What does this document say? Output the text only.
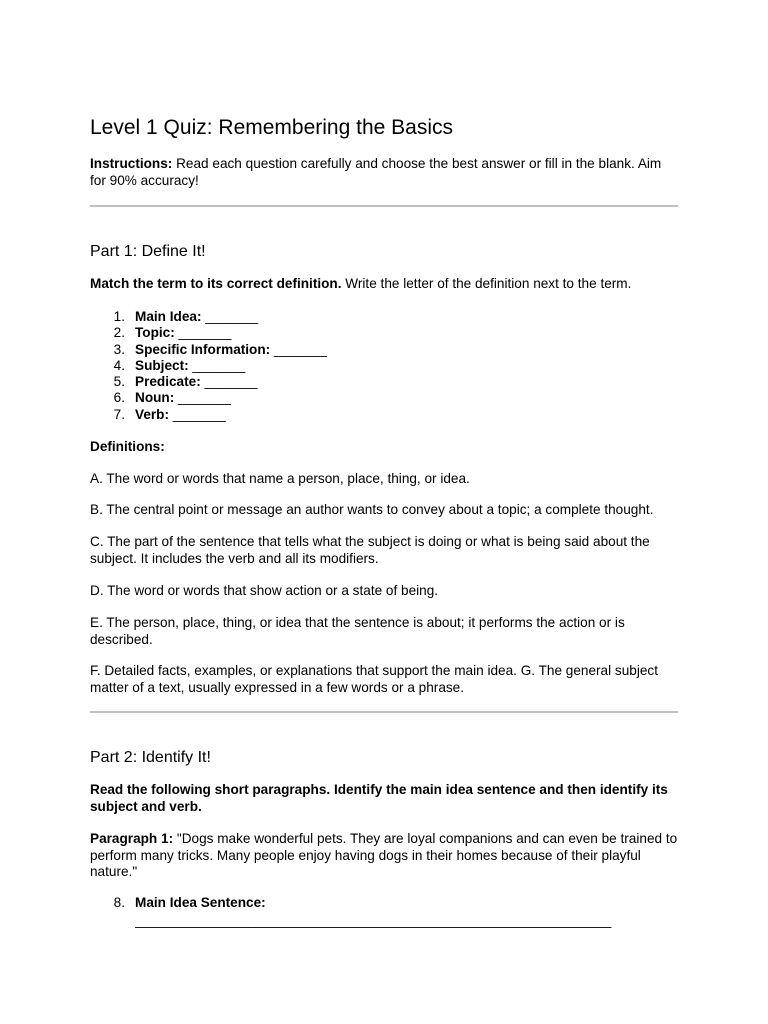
Level 1 Quiz: Remembering the Basics
Instructions: Read each question carefully and choose the best answer or fill in the blank. Aim for 90% accuracy!
Part 1: Define It!
Match the term to its correct definition. Write the letter of the definition next to the term.
1. Main Idea: _______
2. Topic: _______
3. Specific Information: _______
4. Subject: _______
5. Predicate: _______
6. Noun: _______
7. Verb: _______
Definitions:
A. The word or words that name a person, place, thing, or idea.
B. The central point or message an author wants to convey about a topic; a complete thought.
C. The part of the sentence that tells what the subject is doing or what is being said about the subject. It includes the verb and all its modifiers.
D. The word or words that show action or a state of being.
E. The person, place, thing, or idea that the sentence is about; it performs the action or is described.
F. Detailed facts, examples, or explanations that support the main idea. G. The general subject matter of a text, usually expressed in a few words or a phrase.
Part 2: Identify It!
Read the following short paragraphs. Identify the main idea sentence and then identify its subject and verb.
Paragraph 1: "Dogs make wonderful pets. They are loyal companions and can even be trained to perform many tricks. Many people enjoy having dogs in their homes because of their playful nature."
8. Main Idea Sentence:
_______________________________________________________________
